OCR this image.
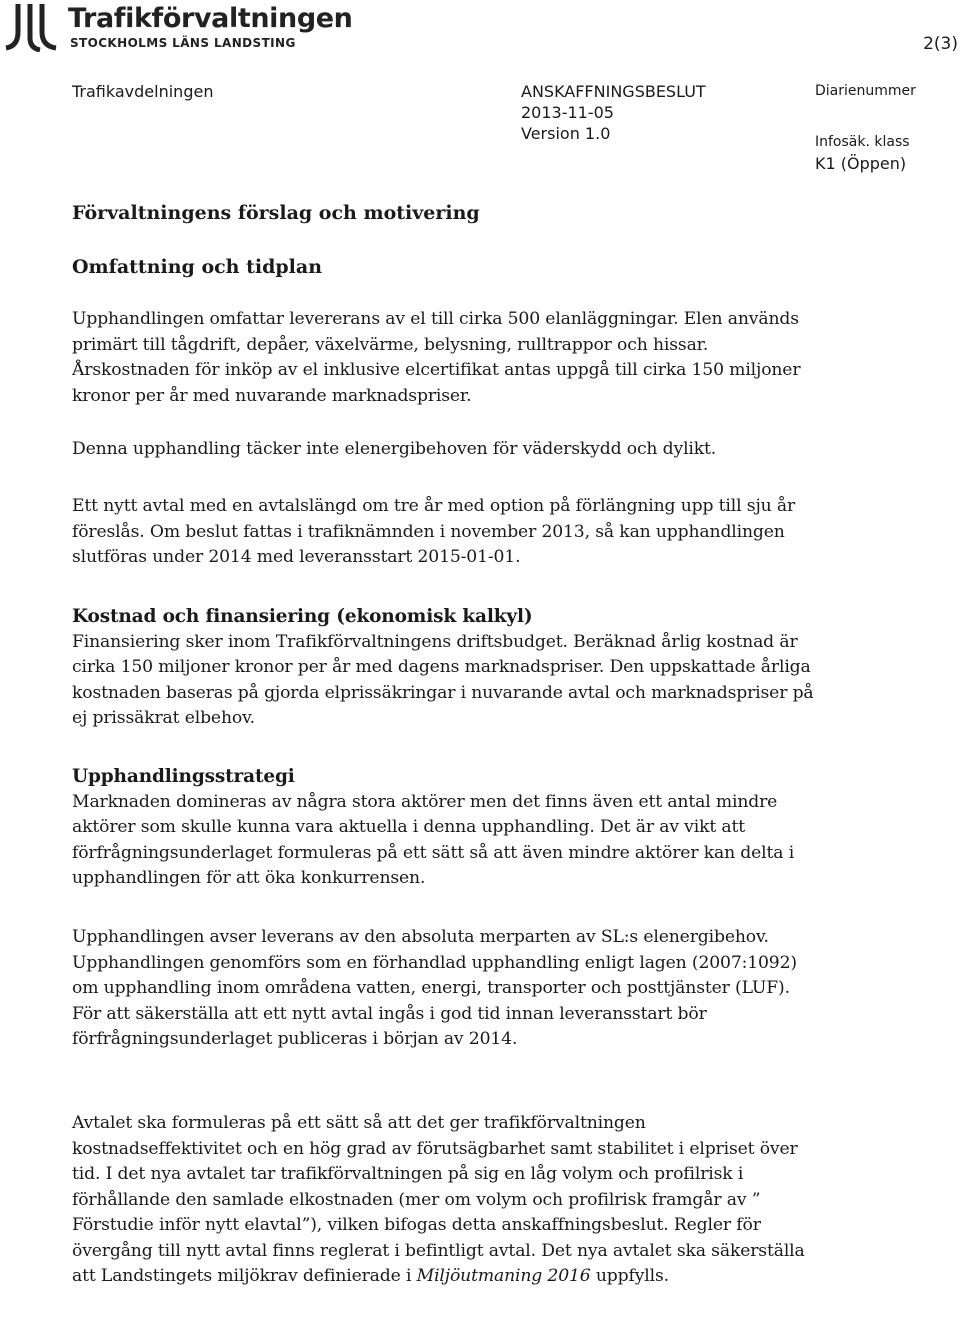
Trafikförvaltningen
STOCKHOLMS LÄNS LANDSTING	2(3)
Trafikavdelningen	ANSKAFFNINGSBESLUT
2013-11-05
Version 1.0
Diarienummer
Infosäk. klass
K1 (Öppen)
Förvaltningens förslag och motivering
Omfattning och tidplan

Upphandlingen omfattar levererans av el till cirka 500 elanläggningar. Elen används primärt till tågdrift, depåer, växelvärme, belysning, rulltrappor och hissar. Årskostnaden för inköp av el inklusive elcertifikat antas uppgå till cirka 150 miljoner kronor per år med nuvarande marknadspriser.

Denna upphandling täcker inte elenergibehoven för väderskydd och dylikt.

Ett nytt avtal med en avtalslängd om tre år med option på förlängning upp till sju år föreslås. Om beslut fattas i trafiknämnden i november 2013, så kan upphandlingen slutföras under 2014 med leveransstart 2015-01-01.

Kostnad och finansiering (ekonomisk kalkyl)
Finansiering sker inom Trafikförvaltningens driftsbudget. Beräknad årlig kostnad är cirka 150 miljoner kronor per år med dagens marknadspriser. Den uppskattade årliga kostnaden baseras på gjorda elprissäkringar i nuvarande avtal och marknadspriser på ej prissäkrat elbehov.
Upphandlingsstrategi
Marknaden domineras av några stora aktörer men det finns även ett antal mindre aktörer som skulle kunna vara aktuella i denna upphandling. Det är av vikt att förfrågningsunderlaget formuleras på ett sätt så att även mindre aktörer kan delta i upphandlingen för att öka konkurrensen.

Upphandlingen avser leverans av den absoluta merparten av SL:s elenergibehov. Upphandlingen genomförs som en förhandlad upphandling enligt lagen (2007:1092) om upphandling inom områdena vatten, energi, transporter och posttjänster (LUF). För att säkerställa att ett nytt avtal ingås i god tid innan leveransstart bör förfrågningsunderlaget publiceras i början av 2014.

Avtalet ska formuleras på ett sätt så att det ger trafikförvaltningen kostnadseffektivitet och en hög grad av förutsägbarhet samt stabilitet i elpriset över tid. I det nya avtalet tar trafikförvaltningen på sig en låg volym och profilrisk i förhållande den samlade elkostnaden (mer om volym och profilrisk framgår av ” Förstudie inför nytt elavtal”), vilken bifogas detta anskaffningsbeslut. Regler för övergång till nytt avtal finns reglerat i befintligt avtal. Det nya avtalet ska säkerställa att Landstingets miljökrav definierade i Miljöutmaning 2016 uppfylls.
